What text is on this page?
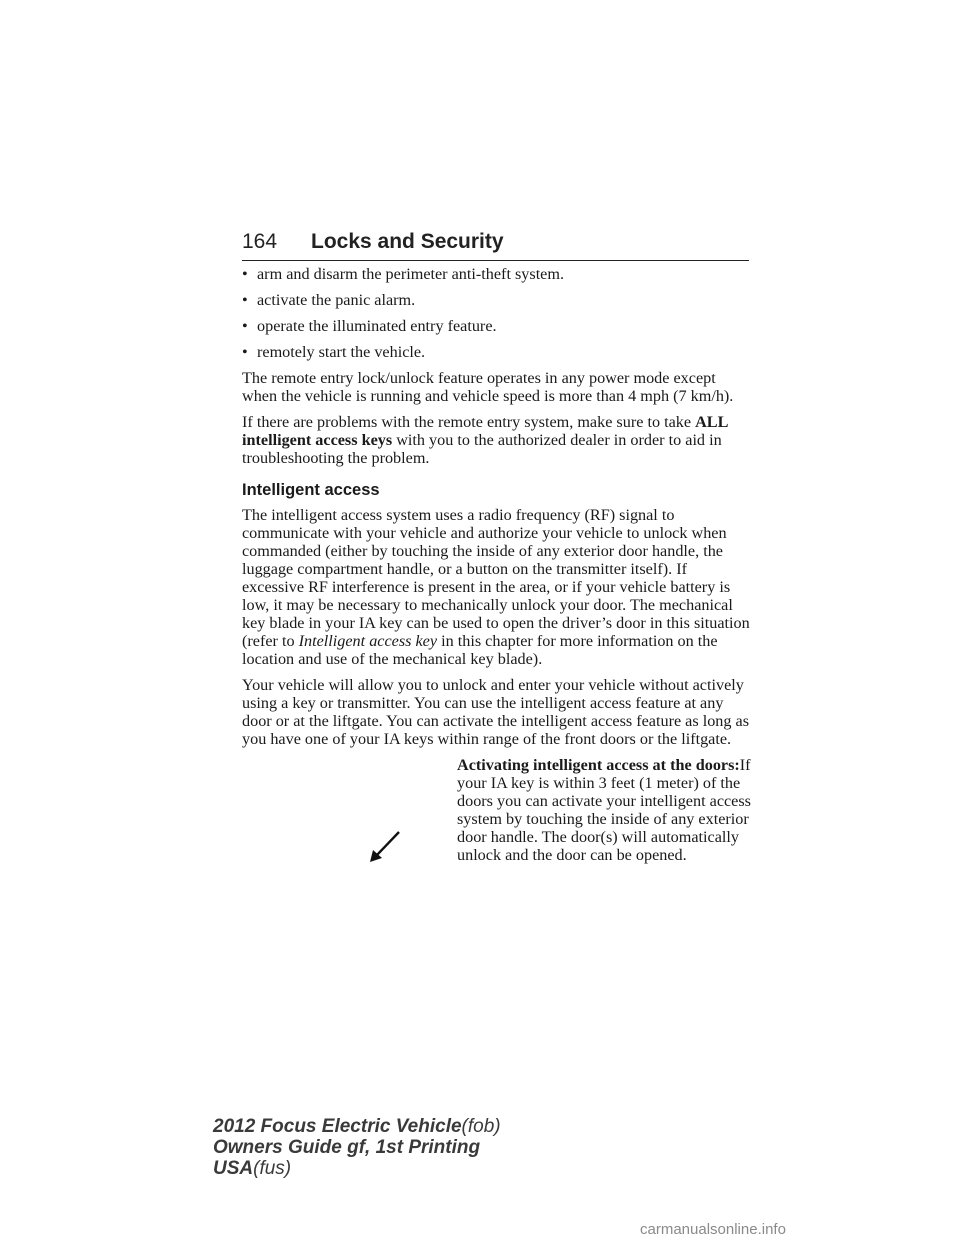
164 Locks and Security
• arm and disarm the perimeter anti-theft system.
• activate the panic alarm.
• operate the illuminated entry feature.
• remotely start the vehicle.

The remote entry lock/unlock feature operates in any power mode except when the vehicle is running and vehicle speed is more than 4 mph (7 km/h).

If there are problems with the remote entry system, make sure to take ALL intelligent access keys with you to the authorized dealer in order to aid in troubleshooting the problem.

Intelligent access

The intelligent access system uses a radio frequency (RF) signal to communicate with your vehicle and authorize your vehicle to unlock when commanded (either by touching the inside of any exterior door handle, the luggage compartment handle, or a button on the transmitter itself). If excessive RF interference is present in the area, or if your vehicle battery is low, it may be necessary to mechanically unlock your door. The mechanical key blade in your IA key can be used to open the driver’s door in this situation (refer to Intelligent access key in this chapter for more information on the location and use of the mechanical key blade).

Your vehicle will allow you to unlock and enter your vehicle without actively using a key or transmitter. You can use the intelligent access feature at any door or at the liftgate. You can activate the intelligent access feature as long as you have one of your IA keys within range of the front doors or the liftgate.

Activating intelligent access at the doors:If your IA key is within 3 feet (1 meter) of the doors you can activate your intelligent access system by touching the inside of any exterior door handle. The door(s) will automatically unlock and the door can be opened.
2012 Focus Electric Vehicle(fob)
Owners Guide gf, 1st Printing
USA(fus)
carmanualsonline.info
